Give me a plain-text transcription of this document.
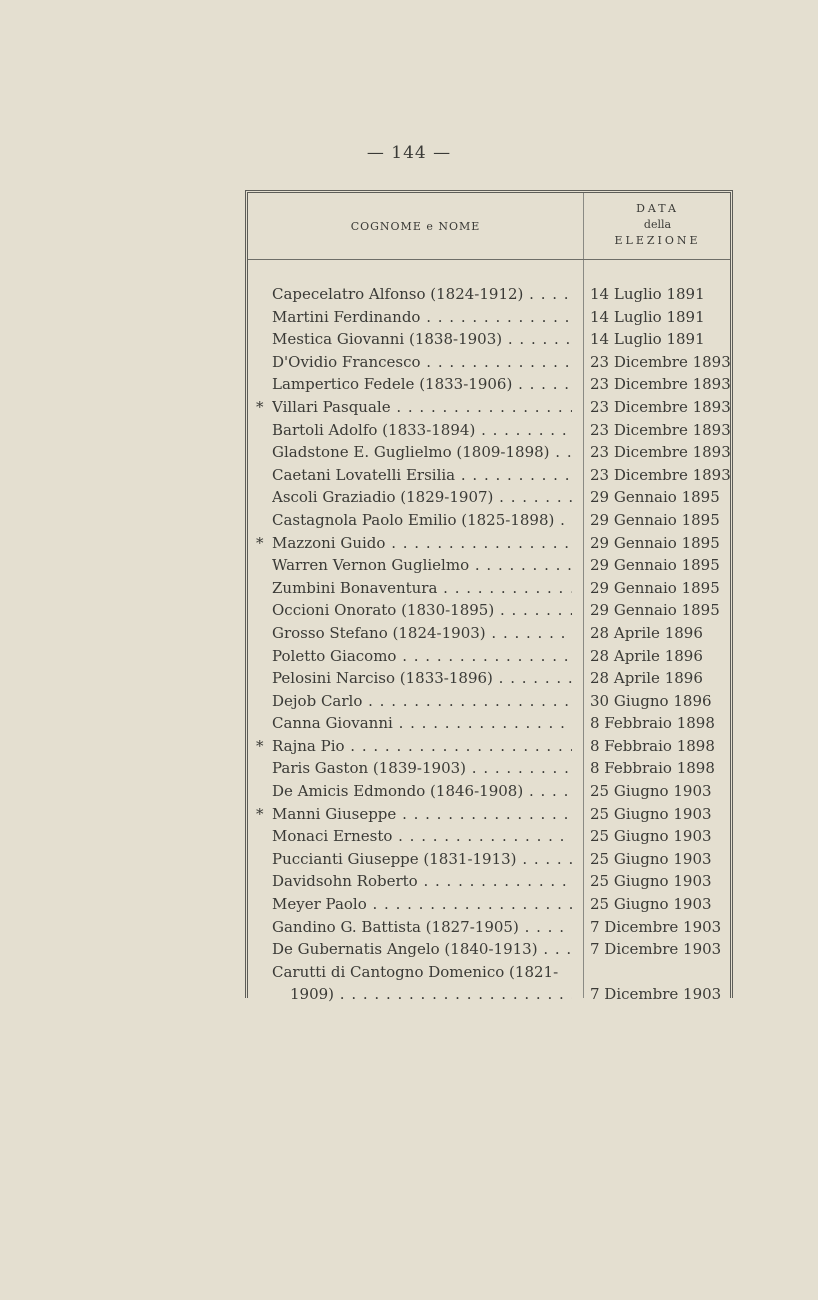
— 144 —
COGNOME e NOME
DATA
della
ELEZIONE
Capecelatro Alfonso (1824-1912) . . .	14 Luglio 1891
Martini Ferdinando . . .	14 Luglio 1891
Mestica Giovanni (1838-1903) . . .	14 Luglio 1891
D'Ovidio Francesco . . .	23 Dicembre 1893
Lampertico Fedele (1833-1906) . . .	23 Dicembre 1893
* Villari Pasquale . . .	23 Dicembre 1893
Bartoli Adolfo (1833-1894) . . .	23 Dicembre 1893
Gladstone E. Guglielmo (1809-1898) . . .	23 Dicembre 1893
Caetani Lovatelli Ersilia . . .	23 Dicembre 1893
Ascoli Graziadio (1829-1907) . . .	29 Gennaio 1895
Castagnola Paolo Emilio (1825-1898) . . .	29 Gennaio 1895
* Mazzoni Guido . . .	29 Gennaio 1895
Warren Vernon Guglielmo . . .	29 Gennaio 1895
Zumbini Bonaventura . . .	29 Gennaio 1895
Occioni Onorato (1830-1895) . . .	29 Gennaio 1895
Grosso Stefano (1824-1903) . . .	28 Aprile 1896
Poletto Giacomo . . .	28 Aprile 1896
Pelosini Narciso (1833-1896) . . .	28 Aprile 1896
Dejob Carlo . . .	30 Giugno 1896
Canna Giovanni . . .	8 Febbraio 1898
* Rajna Pio . . .	8 Febbraio 1898
Paris Gaston (1839-1903) . . .	8 Febbraio 1898
De Amicis Edmondo (1846-1908) . . .	25 Giugno 1903
* Manni Giuseppe . . .	25 Giugno 1903
Monaci Ernesto . . .	25 Giugno 1903
Puccianti Giuseppe (1831-1913) . . .	25 Giugno 1903
Davidsohn Roberto . . .	25 Giugno 1903
Meyer Paolo . . .	25 Giugno 1903
Gandino G. Battista (1827-1905) . . .	7 Dicembre 1903
De Gubernatis Angelo (1840-1913) . . .	7 Dicembre 1903
Carutti di Cantogno Domenico (1821-
1909) . . .	7 Dicembre 1903
